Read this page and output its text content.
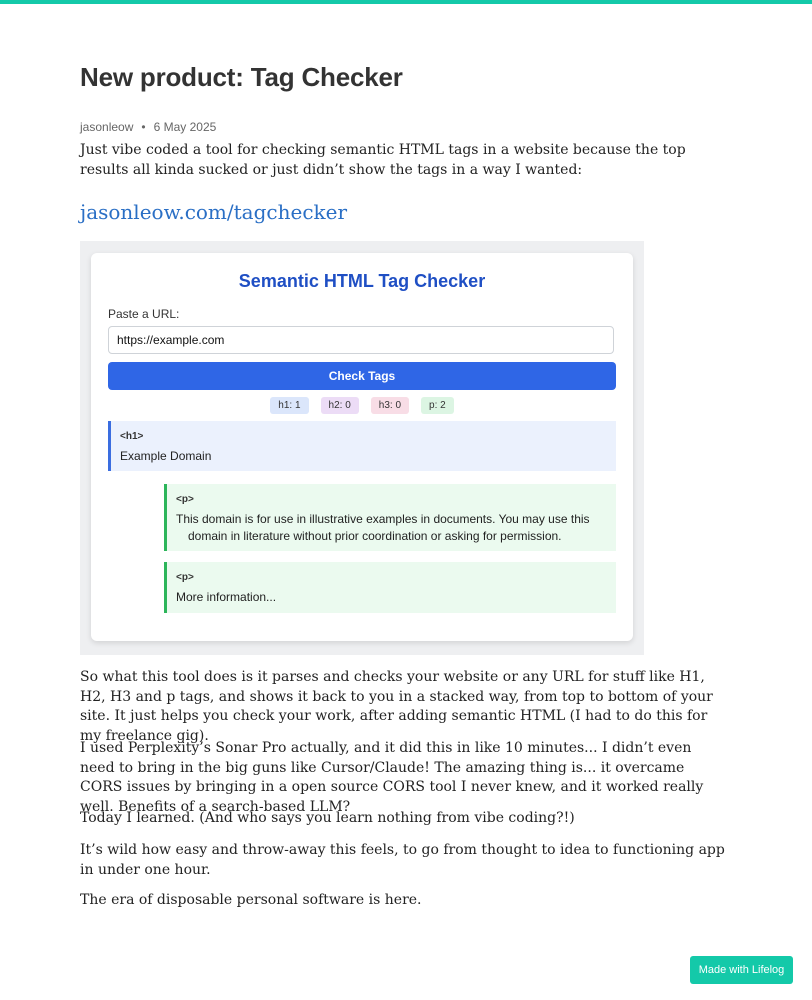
New product: Tag Checker
jasonleow • 6 May 2025

Just vibe coded a tool for checking semantic HTML tags in a website because the top results all kinda sucked or just didn’t show the tags in a way I wanted:

jasonleow.com/tagchecker
Semantic HTML Tag Checker
Paste a URL:
https://example.com
Check Tags
h1: 1	h2: 0	h3: 0	p: 2
<h1>
Example Domain
<p>
This domain is for use in illustrative examples in documents. You may use this
domain in literature without prior coordination or asking for permission.
<p>
More information...

So what this tool does is it parses and checks your website or any URL for stuff like H1, H2, H3 and p tags, and shows it back to you in a stacked way, from top to bottom of your site. It just helps you check your work, after adding semantic HTML (I had to do this for my freelance gig).

I used Perplexity’s Sonar Pro actually, and it did this in like 10 minutes... I didn’t even need to bring in the big guns like Cursor/Claude! The amazing thing is... it overcame CORS issues by bringing in a open source CORS tool I never knew, and it worked really well. Benefits of a search-based LLM?

Today I learned. (And who says you learn nothing from vibe coding?!)

It’s wild how easy and throw-away this feels, to go from thought to idea to functioning app in under one hour.

The era of disposable personal software is here.

Made with Lifelog
